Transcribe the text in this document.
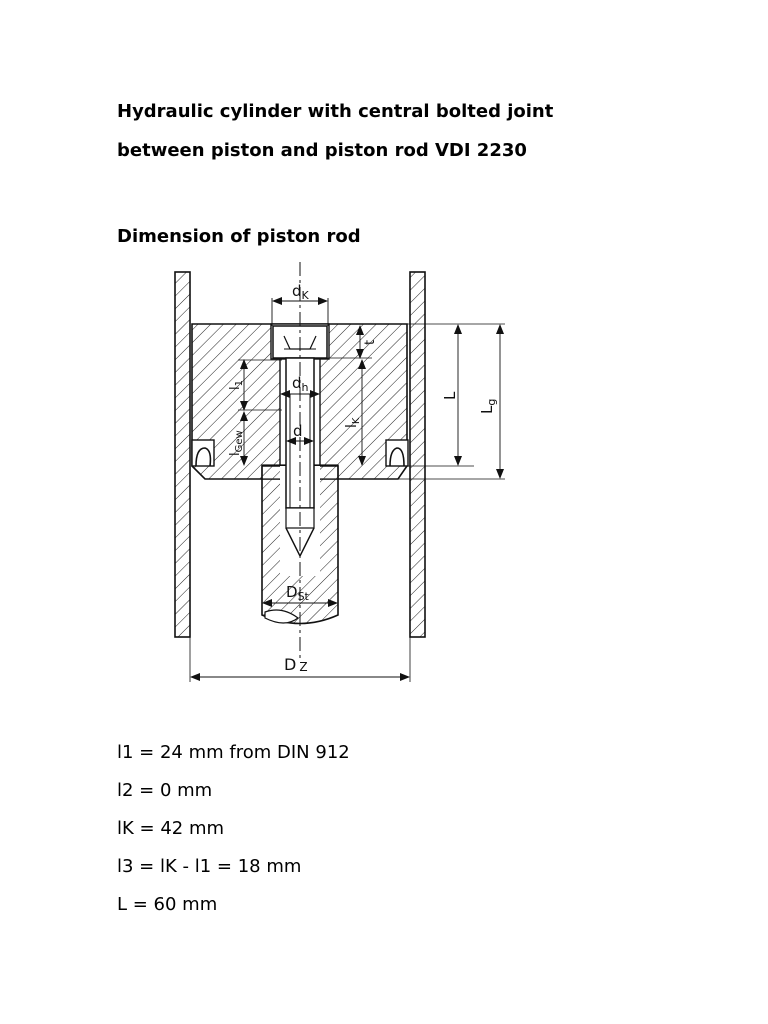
Hydraulic cylinder with central bolted joint
between piston and piston rod VDI 2230
Dimension of piston rod
$d_K$
t
$l_K$
$l_1$
$l_{Gew}$
$d_h$
d
L
$L_g$
$D_{St}$
D Z

l1 = 24 mm from DIN 912

l2 = 0 mm

lK = 42 mm

l3 = lK - l1 = 18 mm

L = 60 mm
